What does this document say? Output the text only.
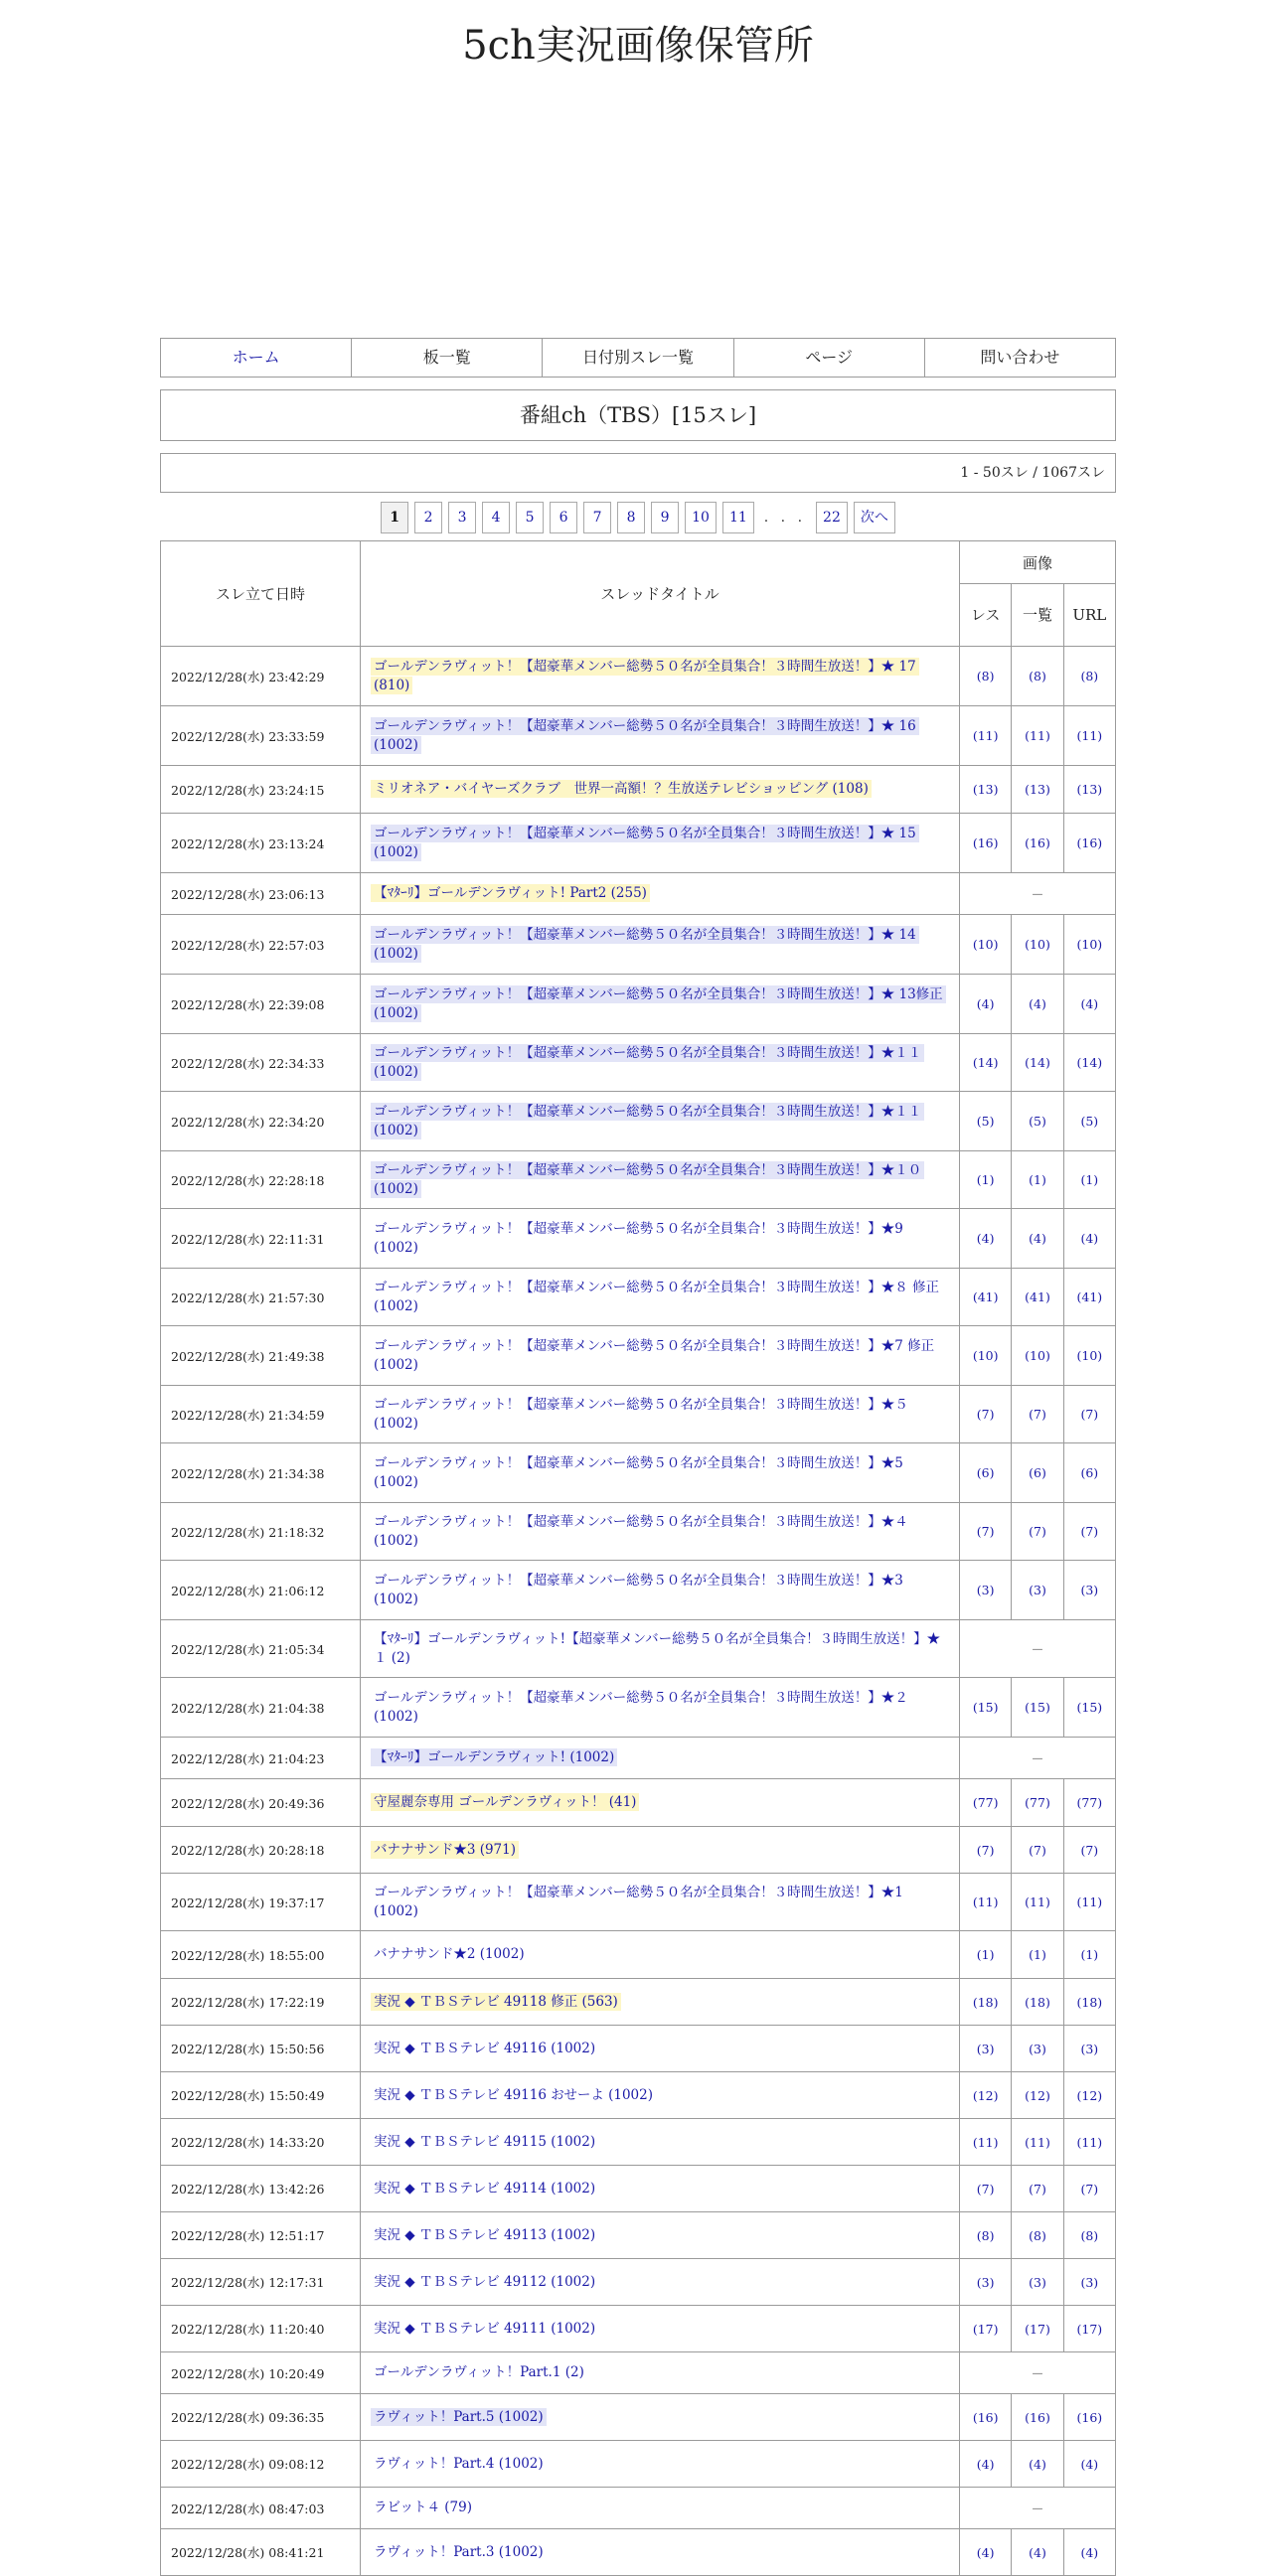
5ch実況画像保管所
ホーム	板一覧	日付別スレ一覧	ページ	問い合わせ
番組ch（TBS）[15スレ]
1 - 50スレ / 1067スレ
1	2	3	4	5	6	7	8	9	10	11	. . .	22	次へ
スレ立て日時	スレッドタイトル	画像		
		レス	一覧	URL
2022/12/28(水) 23:42:29	ゴールデンラヴィット！【超豪華メンバー総勢５０名が全員集合！３時間生放送！】★ 17 (810)	(8)	(8)	(8)
2022/12/28(水) 23:33:59	ゴールデンラヴィット！【超豪華メンバー総勢５０名が全員集合！３時間生放送！】★ 16 (1002)	(11)	(11)	(11)
2022/12/28(水) 23:24:15	ミリオネア・バイヤーズクラブ　世界一高額！？生放送テレビショッピング (108)	(13)	(13)	(13)
2022/12/28(水) 23:13:24	ゴールデンラヴィット！【超豪華メンバー総勢５０名が全員集合！３時間生放送！】★ 15 (1002)	(16)	(16)	(16)
2022/12/28(水) 23:06:13	【ﾏﾀｰﾘ】ゴールデンラヴィット! Part2 (255)	－		
2022/12/28(水) 22:57:03	ゴールデンラヴィット！【超豪華メンバー総勢５０名が全員集合！３時間生放送！】★ 14 (1002)	(10)	(10)	(10)
2022/12/28(水) 22:39:08	ゴールデンラヴィット！【超豪華メンバー総勢５０名が全員集合！３時間生放送！】★ 13修正 (1002)	(4)	(4)	(4)
2022/12/28(水) 22:34:33	ゴールデンラヴィット！【超豪華メンバー総勢５０名が全員集合！３時間生放送！】★１１ (1002)	(14)	(14)	(14)
2022/12/28(水) 22:34:20	ゴールデンラヴィット！【超豪華メンバー総勢５０名が全員集合！３時間生放送！】★１１ (1002)	(5)	(5)	(5)
2022/12/28(水) 22:28:18	ゴールデンラヴィット！【超豪華メンバー総勢５０名が全員集合！３時間生放送！】★１０ (1002)	(1)	(1)	(1)
2022/12/28(水) 22:11:31	ゴールデンラヴィット！【超豪華メンバー総勢５０名が全員集合！３時間生放送！】★9 (1002)	(4)	(4)	(4)
2022/12/28(水) 21:57:30	ゴールデンラヴィット！【超豪華メンバー総勢５０名が全員集合！３時間生放送！】★８ 修正 (1002)	(41)	(41)	(41)
2022/12/28(水) 21:49:38	ゴールデンラヴィット！【超豪華メンバー総勢５０名が全員集合！３時間生放送！】★7 修正 (1002)	(10)	(10)	(10)
2022/12/28(水) 21:34:59	ゴールデンラヴィット！【超豪華メンバー総勢５０名が全員集合！３時間生放送！】★５ (1002)	(7)	(7)	(7)
2022/12/28(水) 21:34:38	ゴールデンラヴィット！【超豪華メンバー総勢５０名が全員集合！３時間生放送！】★5 (1002)	(6)	(6)	(6)
2022/12/28(水) 21:18:32	ゴールデンラヴィット！【超豪華メンバー総勢５０名が全員集合！３時間生放送！】★４ (1002)	(7)	(7)	(7)
2022/12/28(水) 21:06:12	ゴールデンラヴィット！【超豪華メンバー総勢５０名が全員集合！３時間生放送！】★3 (1002)	(3)	(3)	(3)
2022/12/28(水) 21:05:34	【ﾏﾀｰﾘ】ゴールデンラヴィット!【超豪華メンバー総勢５０名が全員集合！３時間生放送！】★１ (2)	－		
2022/12/28(水) 21:04:38	ゴールデンラヴィット！【超豪華メンバー総勢５０名が全員集合！３時間生放送！】★２ (1002)	(15)	(15)	(15)
2022/12/28(水) 21:04:23	【ﾏﾀｰﾘ】ゴールデンラヴィット! (1002)	－		
2022/12/28(水) 20:49:36	守屋麗奈専用 ゴールデンラヴィット！ (41)	(77)	(77)	(77)
2022/12/28(水) 20:28:18	バナナサンド★3 (971)	(7)	(7)	(7)
2022/12/28(水) 19:37:17	ゴールデンラヴィット！【超豪華メンバー総勢５０名が全員集合！３時間生放送！】★1 (1002)	(11)	(11)	(11)
2022/12/28(水) 18:55:00	バナナサンド★2 (1002)	(1)	(1)	(1)
2022/12/28(水) 17:22:19	実況 ◆ ＴＢＳテレビ 49118 修正 (563)	(18)	(18)	(18)
2022/12/28(水) 15:50:56	実況 ◆ ＴＢＳテレビ 49116 (1002)	(3)	(3)	(3)
2022/12/28(水) 15:50:49	実況 ◆ ＴＢＳテレビ 49116 おせーよ (1002)	(12)	(12)	(12)
2022/12/28(水) 14:33:20	実況 ◆ ＴＢＳテレビ 49115 (1002)	(11)	(11)	(11)
2022/12/28(水) 13:42:26	実況 ◆ ＴＢＳテレビ 49114 (1002)	(7)	(7)	(7)
2022/12/28(水) 12:51:17	実況 ◆ ＴＢＳテレビ 49113 (1002)	(8)	(8)	(8)
2022/12/28(水) 12:17:31	実況 ◆ ＴＢＳテレビ 49112 (1002)	(3)	(3)	(3)
2022/12/28(水) 11:20:40	実況 ◆ ＴＢＳテレビ 49111 (1002)	(17)	(17)	(17)
2022/12/28(水) 10:20:49	ゴールデンラヴィット！Part.1 (2)	－		
2022/12/28(水) 09:36:35	ラヴィット！Part.5 (1002)	(16)	(16)	(16)
2022/12/28(水) 09:08:12	ラヴィット！Part.4 (1002)	(4)	(4)	(4)
2022/12/28(水) 08:47:03	ラビット４ (79)	－		
2022/12/28(水) 08:41:21	ラヴィット！Part.3 (1002)	(4)	(4)	(4)
